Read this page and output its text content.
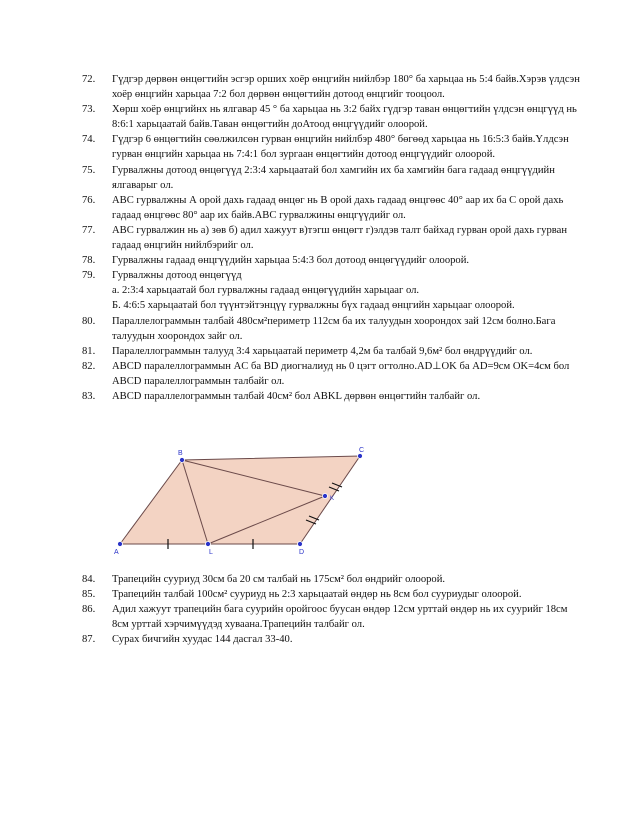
72. Гүдгэр дөрвөн өнцөгтийн эсгэр орших хоёр өнцгийн нийлбэр 180° ба харьцаа нь 5:4 байв.Хэрэв үлдсэн хоёр өнцгийн харьцаа 7:2 бол дөрвөн өнцөгтийн дотоод өнцгийг тооцоол.
73. Хөрш хоёр өнцгийнх нь ялгавар 45 ° ба харьцаа нь 3:2 байх гүдгэр таван өнцөгтийн үлдсэн өнцгүүд нь 8:6:1 харьцаатай байв.Таван өнцөгтийн доАтоод өнцгүүдийг олоорой.
74. Гүдгэр 6 өнцөгтийн сөөлжилсөн гурван өнцгийн нийлбэр 480° бөгөөд харьцаа нь 16:5:3 байв.Үлдсэн гурван өнцгийн харьцаа нь 7:4:1 бол зургаан өнцөгтийн дотоод өнцгүүдийг олоорой.
75. Гурвалжны дотоод өнцөгүүд 2:3:4 харьцаатай бол хамгийн их ба хамгийн бага гадаад өнцгүүдийн ялгаварыг ол.
76. ABC гурвалжны А орой дахь гадаад өнцөг нь В орой дахь гадаад өнцгөөс 40° аар их ба С орой дахь гадаад өнцгөөс 80° аар их байв.ABC гурвалжины өнцгүүдийг ол.
77. ABC гурвалжин нь а) зөв б) адил хажуут в)тэгш өнцөгт г)элдэв талт байхад гурван орой дахь гурван гадаад өнцгийн нийлбэрийг ол.
78. Гурвалжны гадаад өнцгүүдийн харьцаа 5:4:3 бол дотоод өнцөгүүдийг олоорой.
79. Гурвалжны дотоод өнцөгүүд
а. 2:3:4 харьцаатай бол гурвалжны гадаад өнцөгүүдийн харьцааг ол.
Б. 4:6:5 харьцаатай бол түүнтэйтэнцүү гурвалжны бүх гадаад өнцгийн харьцааг олоорой.
80. Параллелограммын талбай 480см²периметр 112см ба их талуудын хоорондох зай 12см болно.Бага талуудын хоорондох зайг ол.
81. Паралеллограммын талууд 3:4 харьцаатай периметр 4,2м ба талбай 9,6м² бол өндрүүдийг ол.
82. ABCD паралеллограммын AC ба BD диогналиуд нь 0 цэгт огтолно.AD⊥OK ба AD=9см OK=4см бол ABCD паралеллограммын талбайг ол.
83. ABCD параллелограммын талбай 40см² бол ABKL дөрвөн өнцөгтийн талбайг ол.
A
B	C
D
K
L
84. Трапецийн сууриуд 30см ба 20 см талбай нь 175см² бол өндрийг олоорой.
85. Трапецийн талбай 100см² сууриуд нь 2:3 харьцаатай өндөр нь 8см бол сууриудыг олоорой.
86. Адил хажуут трапецийн бага суурийн оройгоос буусан өндөр 12см урттай өндөр нь их суурийг 18см 8см урттай хэрчимүүдэд хуваана.Трапецийн талбайг ол.
87. Сурах бичгийн хуудас 144 дасгал 33-40.
